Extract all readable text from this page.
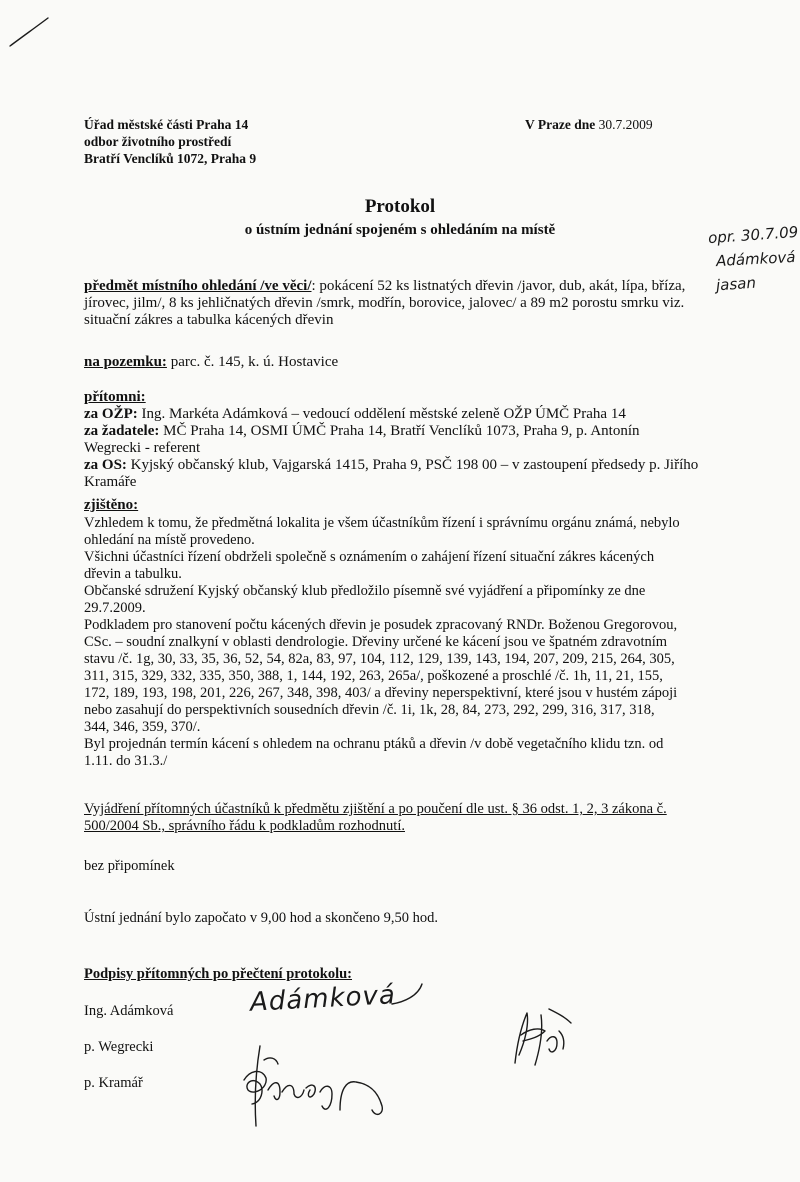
Úřad městské části Praha 14
odbor životního prostředí
Bratří Venclíků 1072, Praha 9
V Praze dne 30.7.2009
Protokol
o ústním jednání spojeném s ohledáním na místě	opr. 30.7.09
Adámková
jasan
předmět místního ohledání /ve věci/: pokácení 52 ks listnatých dřevin /javor, dub, akát, lípa, bříza,
jírovec, jilm/, 8 ks jehličnatých dřevin /smrk, modřín, borovice, jalovec/ a 89 m2 porostu smrku viz.
situační zákres a tabulka kácených dřevin
na pozemku: parc. č. 145, k. ú. Hostavice
přítomni:
za OŽP: Ing. Markéta Adámková – vedoucí oddělení městské zeleně OŽP ÚMČ Praha 14
za žadatele: MČ Praha 14, OSMI ÚMČ Praha 14, Bratří Venclíků 1073, Praha 9, p. Antonín
Wegrecki - referent
za OS: Kyjský občanský klub, Vajgarská 1415, Praha 9, PSČ 198 00 – v zastoupení předsedy p. Jiřího
Kramáře
zjištěno:
Vzhledem k tomu, že předmětná lokalita je všem účastníkům řízení i správnímu orgánu známá, nebylo
ohledání na místě provedeno.
Všichni účastníci řízení obdrželi společně s oznámením o zahájení řízení situační zákres kácených
dřevin a tabulku.
Občanské sdružení Kyjský občanský klub předložilo písemně své vyjádření a připomínky ze dne
29.7.2009.
Podkladem pro stanovení počtu kácených dřevin je posudek zpracovaný RNDr. Boženou Gregorovou,
CSc. – soudní znalkyní v oblasti dendrologie. Dřeviny určené ke kácení jsou ve špatném zdravotním
stavu /č. 1g, 30, 33, 35, 36, 52, 54, 82a, 83, 97, 104, 112, 129, 139, 143, 194, 207, 209, 215, 264, 305,
311, 315, 329, 332, 335, 350, 388, 1, 144, 192, 263, 265a/, poškozené a proschlé /č. 1h, 11, 21, 155,
172, 189, 193, 198, 201, 226, 267, 348, 398, 403/ a dřeviny neperspektivní, které jsou v hustém zápoji
nebo zasahují do perspektivních sousedních dřevin /č. 1i, 1k, 28, 84, 273, 292, 299, 316, 317, 318,
344, 346, 359, 370/.
Byl projednán termín kácení s ohledem na ochranu ptáků a dřevin /v době vegetačního klidu tzn. od
1.11. do 31.3./
Vyjádření přítomných účastníků k předmětu zjištění a po poučení dle ust. § 36 odst. 1, 2, 3 zákona č.
500/2004 Sb., správního řádu k podkladům rozhodnutí.
bez připomínek
Ústní jednání bylo započato v 9,00 hod a skončeno 9,50 hod.
Podpisy přítomných po přečtení protokolu:
Ing. Adámková
p. Wegrecki
p. Kramář
Adámková
